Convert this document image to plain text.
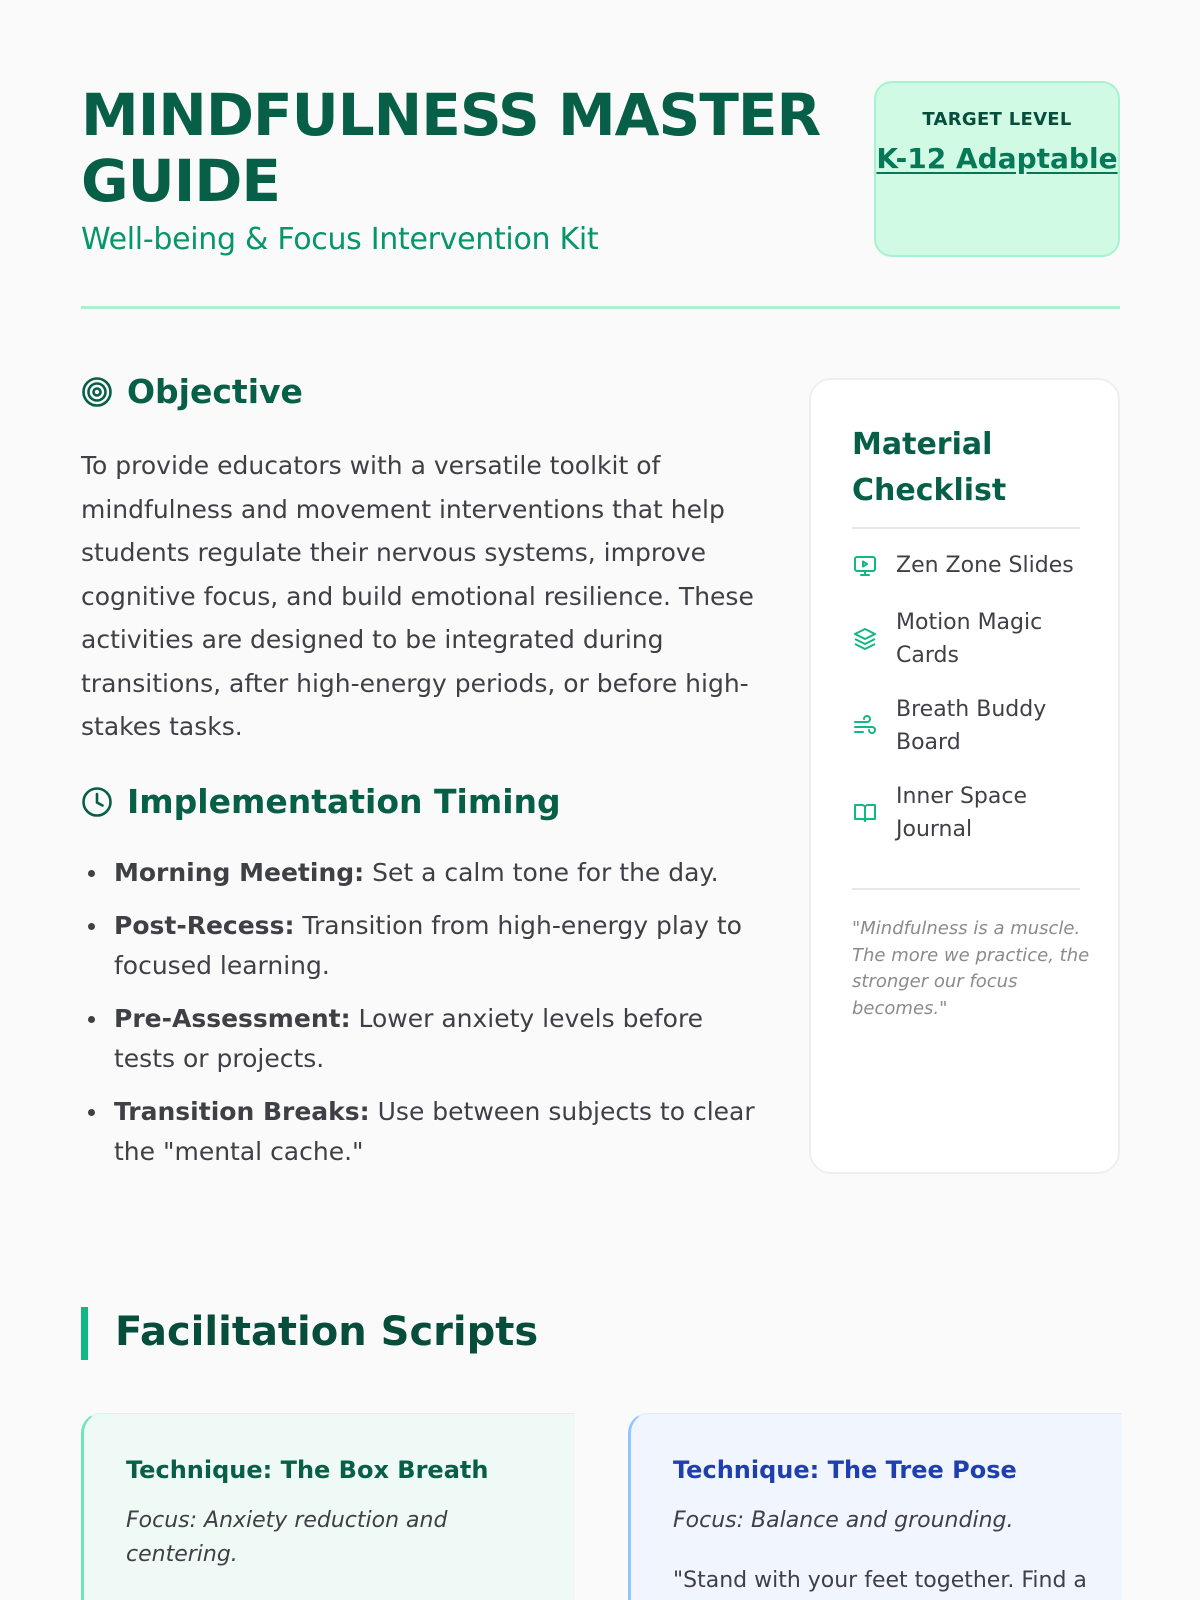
MINDFULNESS MASTER GUIDE
Well-being & Focus Intervention Kit
TARGET LEVEL
K-12 Adaptable
Objective

To provide educators with a versatile toolkit of mindfulness and movement interventions that help students regulate their nervous systems, improve cognitive focus, and build emotional resilience. These activities are designed to be integrated during transitions, after high-energy periods, or before high-stakes tasks.

Implementation Timing
Morning Meeting: Set a calm tone for the day.
Post-Recess: Transition from high-energy play to focused learning.
Pre-Assessment: Lower anxiety levels before tests or projects.
Transition Breaks: Use between subjects to clear the "mental cache."
Material Checklist
Zen Zone Slides
Motion Magic Cards
Breath Buddy Board
Inner Space Journal

"Mindfulness is a muscle. The more we practice, the stronger our focus becomes."

Facilitation Scripts
Technique: The Box Breath
Focus: Anxiety reduction and centering.
Technique: The Tree Pose
Focus: Balance and grounding.
"Stand with your feet together. Find a
